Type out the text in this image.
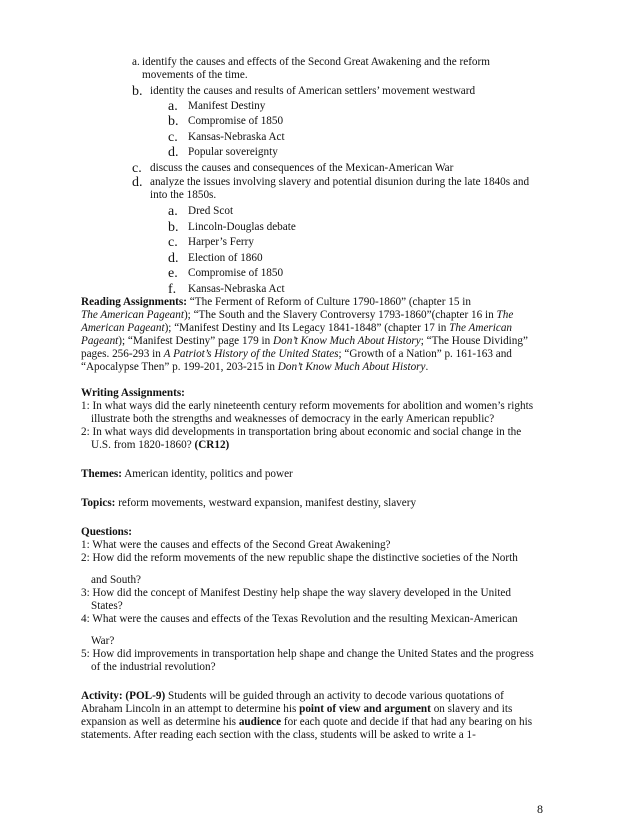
a. identify the causes and effects of the Second Great Awakening and the reform
movements of the time.
b. identity the causes and results of American settlers’ movement westward
a. Manifest Destiny
b. Compromise of 1850
c. Kansas-Nebraska Act
d. Popular sovereignty
c. discuss the causes and consequences of the Mexican-American War
d. analyze the issues involving slavery and potential disunion during the late 1840s and
into the 1850s.
a. Dred Scot
b. Lincoln-Douglas debate
c. Harper’s Ferry
d. Election of 1860
e. Compromise of 1850
f. Kansas-Nebraska Act

Reading Assignments: “The Ferment of Reform of Culture 1790-1860” (chapter 15 in
The American Pageant); “The South and the Slavery Controversy 1793-1860”(chapter 16 in The American Pageant); “Manifest Destiny and Its Legacy 1841-1848” (chapter 17 in The American Pageant); “Manifest Destiny” page 179 in Don’t Know Much About History; “The House Dividing” pages. 256-293 in A Patriot’s History of the United States; “Growth of a Nation” p. 161-163 and “Apocalypse Then” p. 199-201, 203-215 in Don’t Know Much About History.

Writing Assignments:

1: In what ways did the early nineteenth century reform movements for abolition and women’s rights illustrate both the strengths and weaknesses of democracy in the early American republic?

2: In what ways did developments in transportation bring about economic and social change in the U.S. from 1820-1860? (CR12)

Themes: American identity, politics and power

Topics: reform movements, westward expansion, manifest destiny, slavery

Questions:

1: What were the causes and effects of the Second Great Awakening?

2: How did the reform movements of the new republic shape the distinctive societies of the North

and South?

3: How did the concept of Manifest Destiny help shape the way slavery developed in the United States?

4: What were the causes and effects of the Texas Revolution and the resulting Mexican-American

War?

5: How did improvements in transportation help shape and change the United States and the progress of the industrial revolution?

Activity: (POL-9) Students will be guided through an activity to decode various quotations of Abraham Lincoln in an attempt to determine his point of view and argument on slavery and its expansion as well as determine his audience for each quote and decide if that had any bearing on his statements. After reading each section with the class, students will be asked to write a 1-

8
